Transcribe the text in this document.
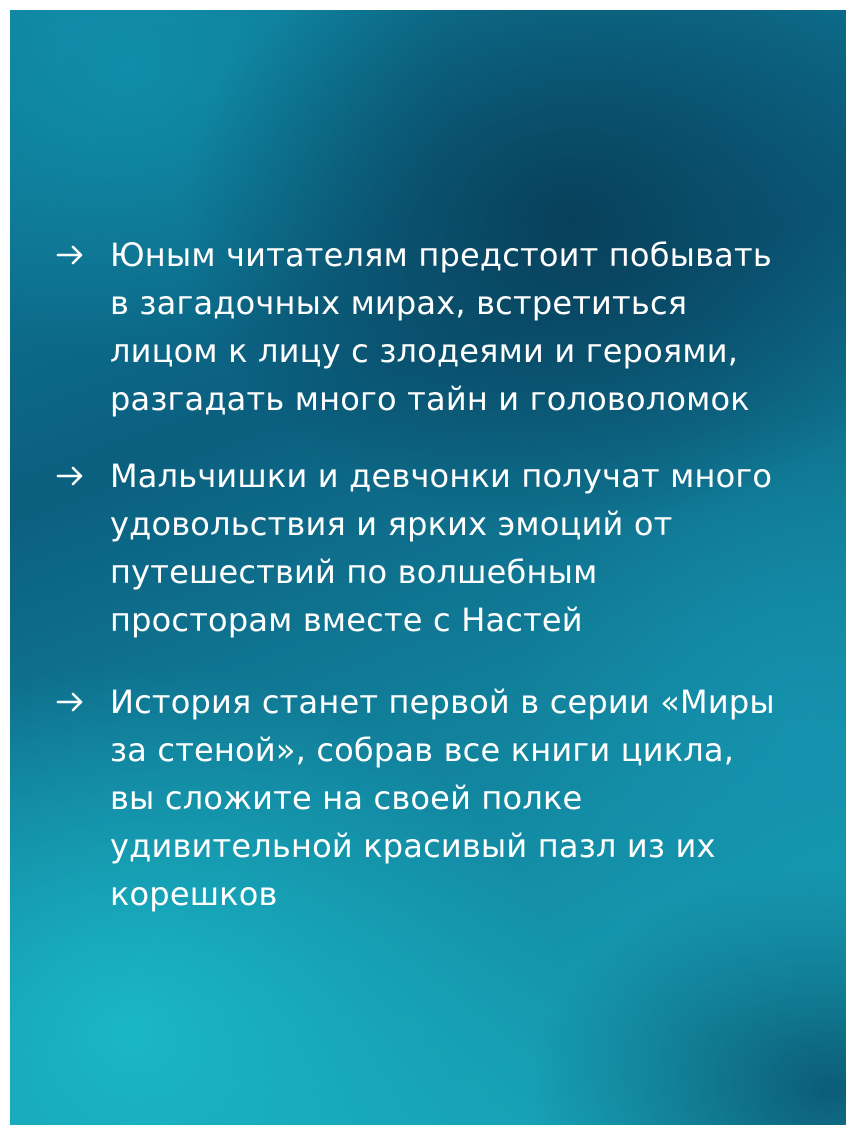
Юным читателям предстоит побывать
в загадочных мирах, встретиться
лицом к лицу с злодеями и героями,
разгадать много тайн и головоломок

Мальчишки и девчонки получат много
удовольствия и ярких эмоций от
путешествий по волшебным
просторам вместе с Настей

История станет первой в серии «Миры
за стеной», собрав все книги цикла,
вы сложите на своей полке
удивительной красивый пазл из их
корешков
